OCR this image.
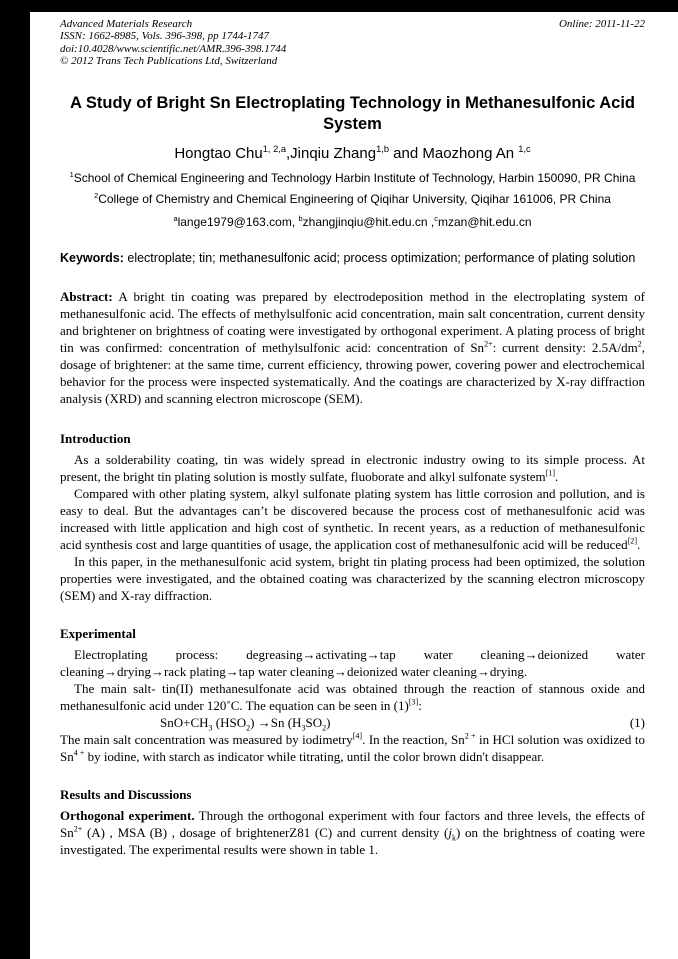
Advanced Materials Research
ISSN: 1662-8985, Vols. 396-398, pp 1744-1747
doi:10.4028/www.scientific.net/AMR.396-398.1744
© 2012 Trans Tech Publications Ltd, Switzerland
Online: 2011-11-22
A Study of Bright Sn Electroplating Technology in Methanesulfonic Acid System
Hongtao Chu$^{1, 2,a}$,Jinqiu Zhang$^{1,b}$ and Maozhong An $^{1,c}$
$^1$School of Chemical Engineering and Technology Harbin Institute of Technology, Harbin 150090, PR China
$^2$College of Chemistry and Chemical Engineering of Qiqihar University, Qiqihar 161006, PR China
$^a$lange1979@163.com, $^b$zhangjinqiu@hit.edu.cn ,$^c$mzan@hit.edu.cn
Keywords: electroplate; tin; methanesulfonic acid; process optimization; performance of plating solution

Abstract: A bright tin coating was prepared by electrodeposition method in the electroplating system of methanesulfonic acid. The effects of methylsulfonic acid concentration, main salt concentration, current density and brightener on brightness of coating were investigated by orthogonal experiment. A plating process of bright tin was confirmed: concentration of methylsulfonic acid: concentration of $Sn^{2+}$: current density: $2.5A/dm^2$, dosage of brightener: at the same time, current efficiency, throwing power, covering power and electrochemical behavior for the process were inspected systematically. And the coatings are characterized by X-ray diffraction analysis (XRD) and scanning electron microscope (SEM).

Introduction

As a solderability coating, tin was widely spread in electronic industry owing to its simple process. At present, the bright tin plating solution is mostly sulfate, fluoborate and alkyl sulfonate system[1].

Compared with other plating system, alkyl sulfonate plating system has little corrosion and pollution, and is easy to deal. But the advantages can’t be discovered because the process cost of methanesulfonic acid was increased with little application and high cost of synthetic. In recent years, as a reduction of methanesulfonic acid synthesis cost and large quantities of usage, the application cost of methanesulfonic acid will be reduced[2].

In this paper, in the methanesulfonic acid system, bright tin plating process had been optimized, the solution properties were investigated, and the obtained coating was characterized by the scanning electron microscopy (SEM) and X-ray diffraction.

Experimental

Electroplating process: degreasing→activating→tap water cleaning→deionized water cleaning→drying→rack plating→tap water cleaning→deionized water cleaning→drying.

The main salt- tin(II) methanesulfonate acid was obtained through the reaction of stannous oxide and methanesulfonic acid under 120˚C. The equation can be seen in (1)[3]:

$SnO+CH_3$ $(HSO_2) \to Sn$ $(H_3SO_2)$	(1)

The main salt concentration was measured by iodimetry[4]. In the reaction, $Sn^{2 +}$ in HCl solution was oxidized to $Sn^{4 +}$ by iodine, with starch as indicator while titrating, until the color brown didn't disappear.

Results and Discussions

Orthogonal experiment. Through the orthogonal experiment with four factors and three levels, the effects of $Sn^{2+}$ (A) , MSA (B) , dosage of brightenerZ81 (C) and current density $(j_k)$ on the brightness of coating were investigated. The experimental results were shown in table 1.
